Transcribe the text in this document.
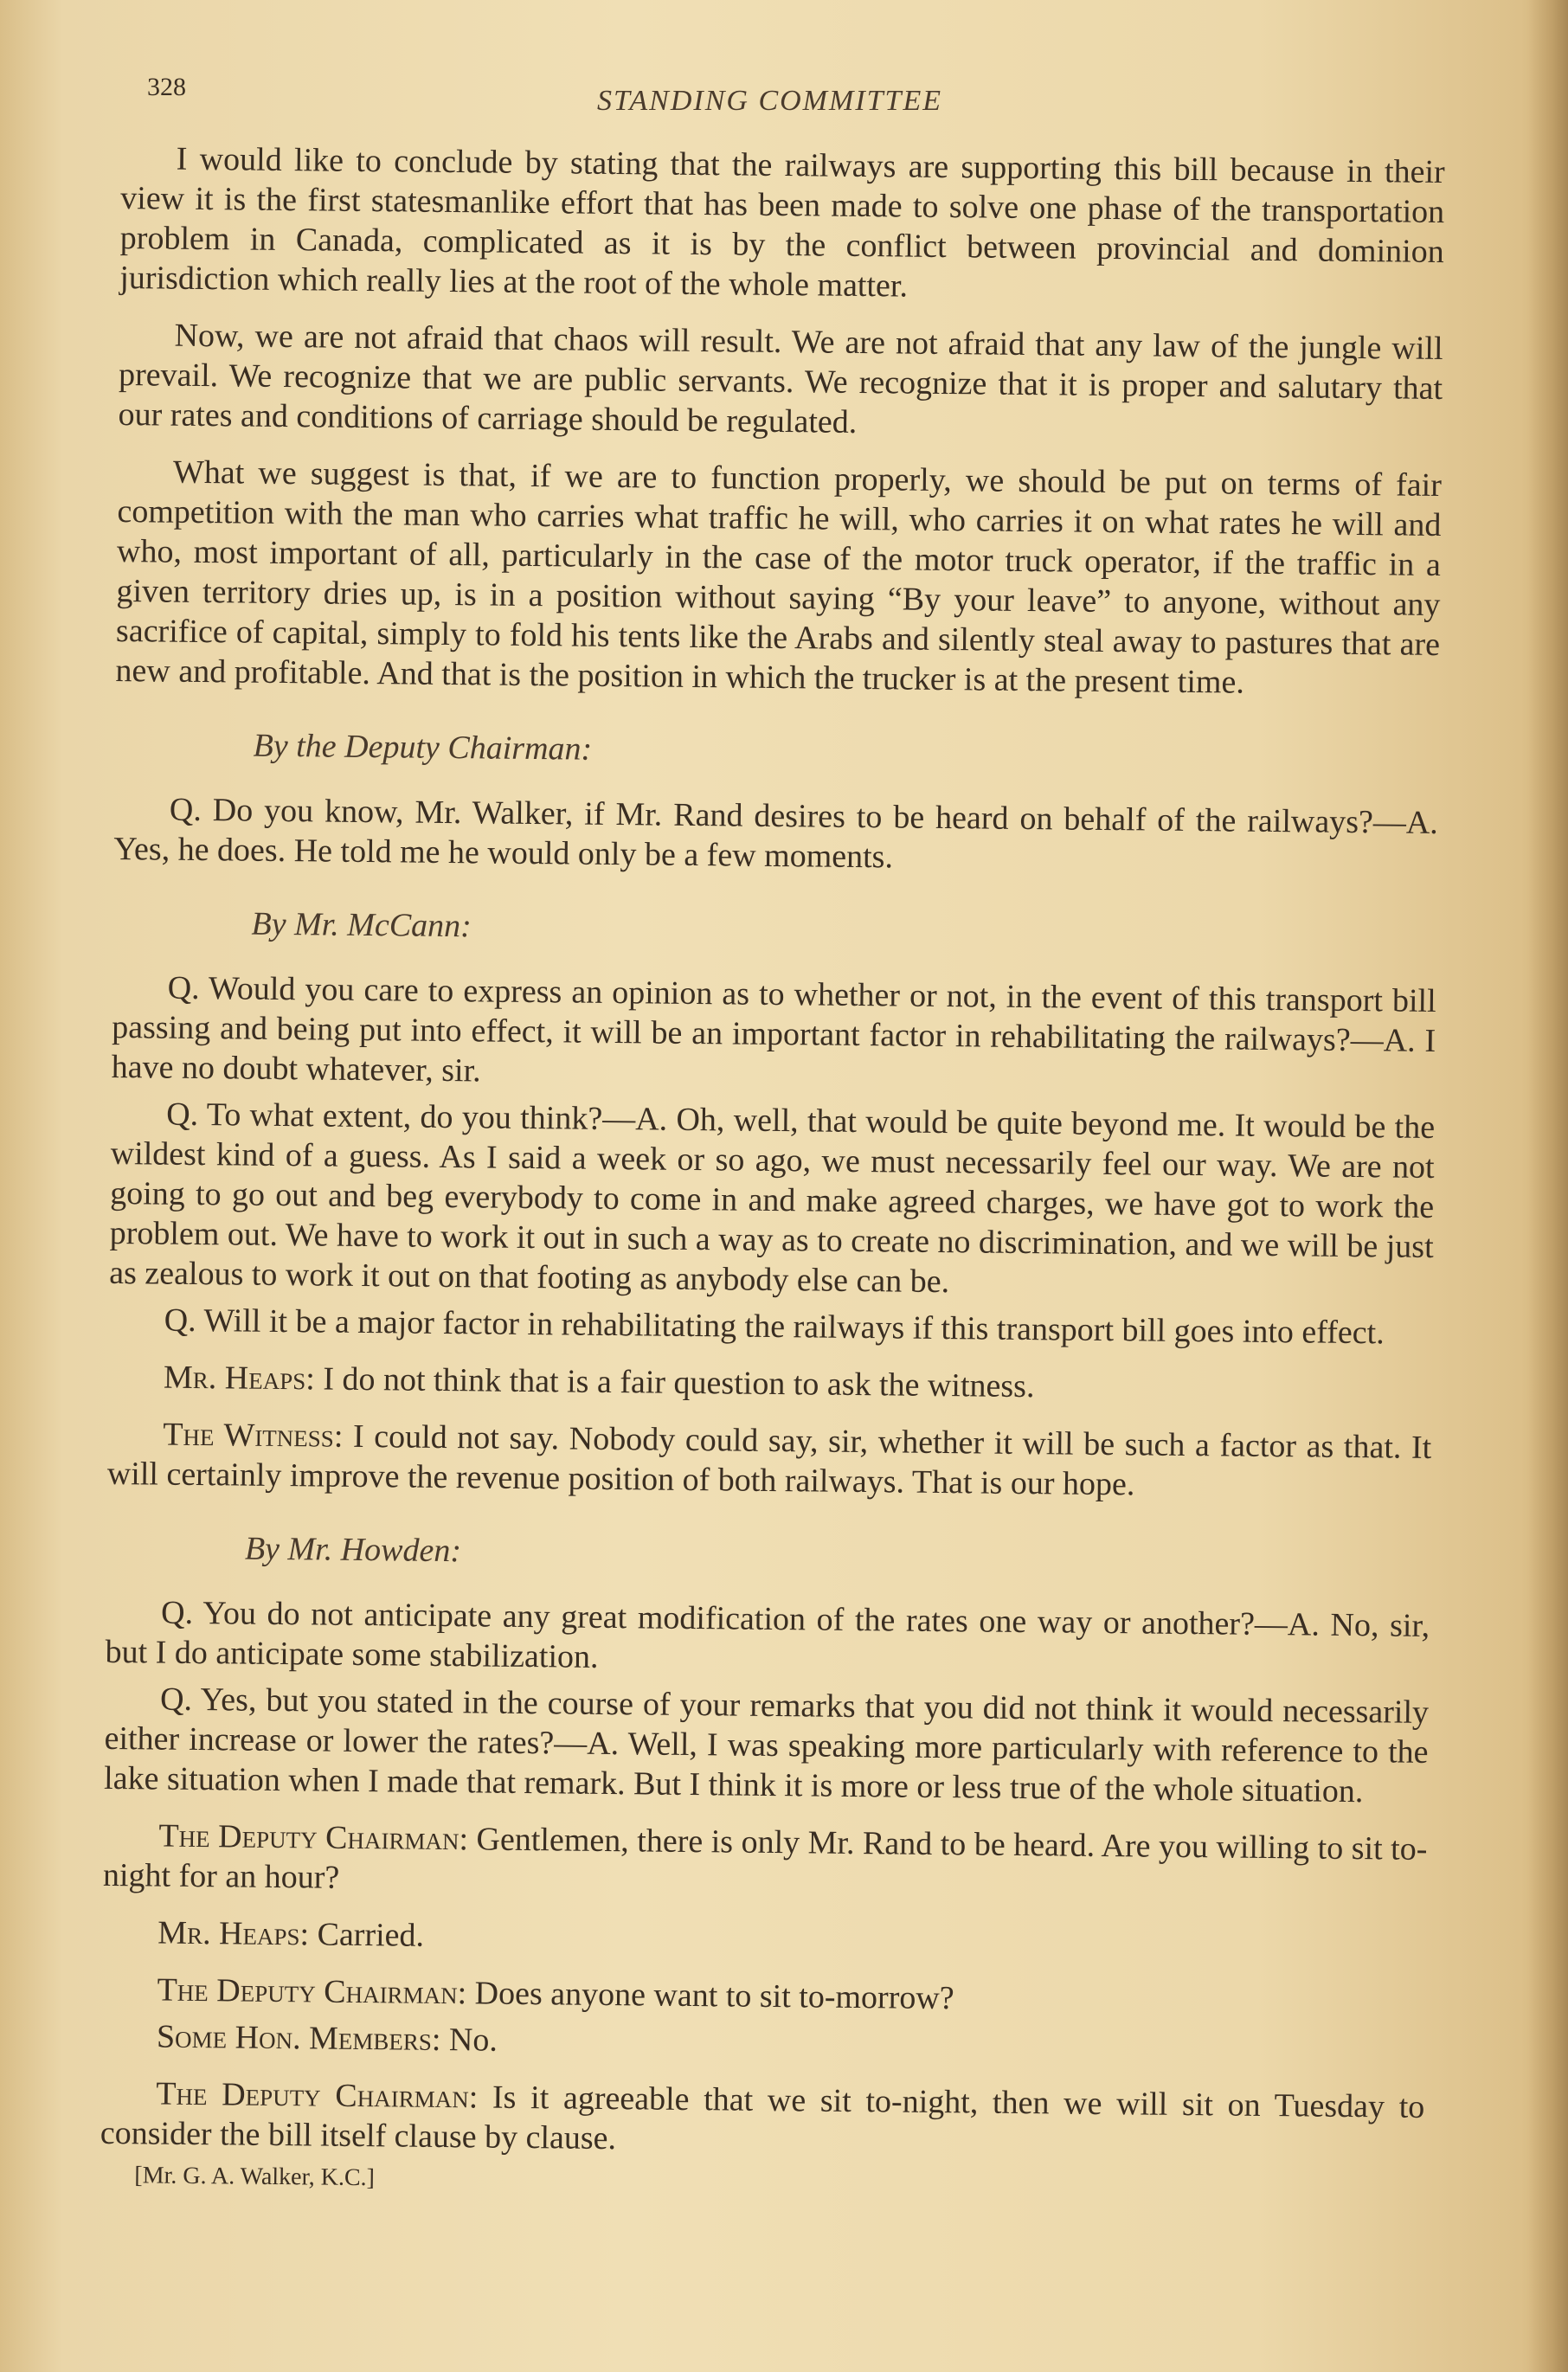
328	STANDING COMMITTEE

I would like to conclude by stating that the railways are supporting this bill because in their view it is the first statesmanlike effort that has been made to solve one phase of the transportation problem in Canada, complicated as it is by the conflict between provincial and dominion jurisdiction which really lies at the root of the whole matter.

Now, we are not afraid that chaos will result. We are not afraid that any law of the jungle will prevail. We recognize that we are public servants. We recognize that it is proper and salutary that our rates and conditions of carriage should be regulated.

What we suggest is that, if we are to function properly, we should be put on terms of fair competition with the man who carries what traffic he will, who carries it on what rates he will and who, most important of all, particularly in the case of the motor truck operator, if the traffic in a given territory dries up, is in a position without saying “By your leave” to anyone, without any sacrifice of capital, simply to fold his tents like the Arabs and silently steal away to pastures that are new and profitable. And that is the position in which the trucker is at the present time.

By the Deputy Chairman:

Q. Do you know, Mr. Walker, if Mr. Rand desires to be heard on behalf of the railways?—A. Yes, he does. He told me he would only be a few moments.

By Mr. McCann:

Q. Would you care to express an opinion as to whether or not, in the event of this transport bill passing and being put into effect, it will be an important factor in rehabilitating the railways?—A. I have no doubt whatever, sir.

Q. To what extent, do you think?—A. Oh, well, that would be quite beyond me. It would be the wildest kind of a guess. As I said a week or so ago, we must necessarily feel our way. We are not going to go out and beg everybody to come in and make agreed charges, we have got to work the problem out. We have to work it out in such a way as to create no discrimination, and we will be just as zealous to work it out on that footing as anybody else can be.

Q. Will it be a major factor in rehabilitating the railways if this transport bill goes into effect.

Mr. Heaps: I do not think that is a fair question to ask the witness.

The Witness: I could not say. Nobody could say, sir, whether it will be such a factor as that. It will certainly improve the revenue position of both railways. That is our hope.

By Mr. Howden:

Q. You do not anticipate any great modification of the rates one way or another?—A. No, sir, but I do anticipate some stabilization.

Q. Yes, but you stated in the course of your remarks that you did not think it would necessarily either increase or lower the rates?—A. Well, I was speaking more particularly with reference to the lake situation when I made that remark. But I think it is more or less true of the whole situation.

The Deputy Chairman: Gentlemen, there is only Mr. Rand to be heard. Are you willing to sit to-night for an hour?

Mr. Heaps: Carried.

The Deputy Chairman: Does anyone want to sit to-morrow?

Some Hon. Members: No.

The Deputy Chairman: Is it agreeable that we sit to-night, then we will sit on Tuesday to consider the bill itself clause by clause.

[Mr. G. A. Walker, K.C.]
